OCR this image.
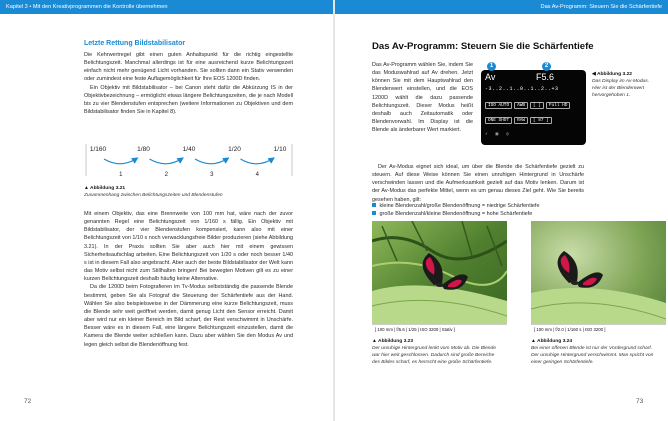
Kapitel 3 • Mit den Kreativprogrammen die Kontrolle übernehmen	Das Av-Programm: Steuern Sie die Schärfentiefe
Letzte Rettung Bildstabilisator

Die Kehrwertregel gibt einen guten Anhaltspunkt für die richtig eingestellte Belichtungszeit. Manchmal allerdings ist für eine ausreichend kurze Belichtungszeit einfach nicht mehr genügend Licht vorhanden. Sie sollten dann ein Stativ verwenden oder zumindest eine feste Auflagemöglichkeit für Ihre EOS 1200D finden.

Ein Objektiv mit Bildstabilisator – bei Canon steht dafür die Abkürzung IS in der Objektivbezeichnung – ermöglicht etwas längere Belichtungszeiten, die je nach Modell bis zu vier Blendenstufen entsprechen (weitere Informationen zu Objektiven und dem Bildstabilisator finden Sie in Kapitel 8).

1/160	1/80	1/40	1/20	1/10
1	2	3	4
▲ Abbildung 3.21
Zusammenhang zwischen Belichtungszeiten und Blendenstufen

Mit einem Objektiv, das eine Brennweite von 100 mm hat, wäre nach der zuvor genannten Regel eine Belichtungszeit von 1/160 s fällig. Ein Objektiv mit Bildstabilisator, der vier Blendenstufen kompensiert, kann also mit einer Belichtungszeit von 1/10 s noch verwacklungsfreie Bilder produzieren (siehe Abbildung 3.21). In der Praxis sollten Sie aber auch hier mit einem gewissen Sicherheitsaufschlag arbeiten. Eine Belichtungszeit von 1/20 s oder noch besser 1/40 s ist in diesem Fall also angebracht. Aber auch der beste Bildstabilisator der Welt kann das Motiv selbst nicht zum Stillhalten bringen! Bei bewegten Motiven gilt es zu einer kurzen Belichtungszeit deshalb häufig keine Alternative.

Da die 1200D beim Fotografieren im Tv-Modus selbstständig die passende Blende bestimmt, geben Sie als Fotograf die Steuerung der Schärfentiefe aus der Hand. Wählen Sie also beispielsweise in der Dämmerung eine kurze Belichtungszeit, muss die Blende sehr weit geöffnet werden, damit genug Licht den Sensor erreicht. Damit aber wird nur ein kleiner Bereich im Bild scharf, der Rest verschwimmt in Unschärfe. Besser wäre es in diesem Fall, eine längere Belichtungszeit einzustellen, damit die Kamera die Blende weiter schließen kann. Dazu aber wählen Sie den Modus Av und legen gleich selbst die Blendenöffnung fest.

72
Das Av-Programm: Steuern Sie die Schärfentiefe

Das Av-Programm wählen Sie, indem Sie das Moduswahlrad auf Av drehen. Jetzt können Sie mit dem Hauptwahlrad den Blendenwert einstellen, und die EOS 1200D wählt die dazu passende Belichtungszeit. Dieser Modus heißt deshalb auch Zeitautomatik oder Blendenvorwahl. Im Display ist die Blende als änderbarer Wert markiert.

Av	F5.6
-3..2..1..0..1..2..+3
ISO AUTO AWB [ ] Full HD
ONE SHOT RAW [ 87 ]
⚡   ▦   ◎
1	2
◀ Abbildung 3.22
Das Display im Av-Modus. Hier ist der Blendenwert hervorgehoben 1.

Der Av-Modus eignet sich ideal, um über die Blende die Schärfentiefe gezielt zu steuern. Auf diese Weise können Sie einen unruhigen Hintergrund in Unschärfe verschwinden lassen und die Aufmerksamkeit gezielt auf das Motiv lenken. Darum ist der Av-Modus das perfekte Mittel, wenn es um genau dieses Ziel geht. Wie Sie bereits gesehen haben, gilt:

kleine Blendenzahl/große Blendenöffnung = niedrige Schärfentiefe
große Blendenzahl/kleine Blendenöffnung = hohe Schärfentiefe
[ 100 mm | f/5.6 | 1/25 | ISO 3200 | Stativ ]	[ 100 mm | f/2.0 | 1/160 s | ISO 3200 ]
▲ Abbildung 3.23
Der unruhige Hintergrund lenkt vom Motiv ab. Die Blende war hier weit geschlossen. Dadurch sind große Bereiche des Bildes scharf, es herrscht eine große Schärfentiefe.
▲ Abbildung 3.24
Bei einer offenen Blende ist nur der Vordergrund scharf. Der unruhige Hintergrund verschwimmt. Man spricht von einer geringen Schärfentiefe.
73
